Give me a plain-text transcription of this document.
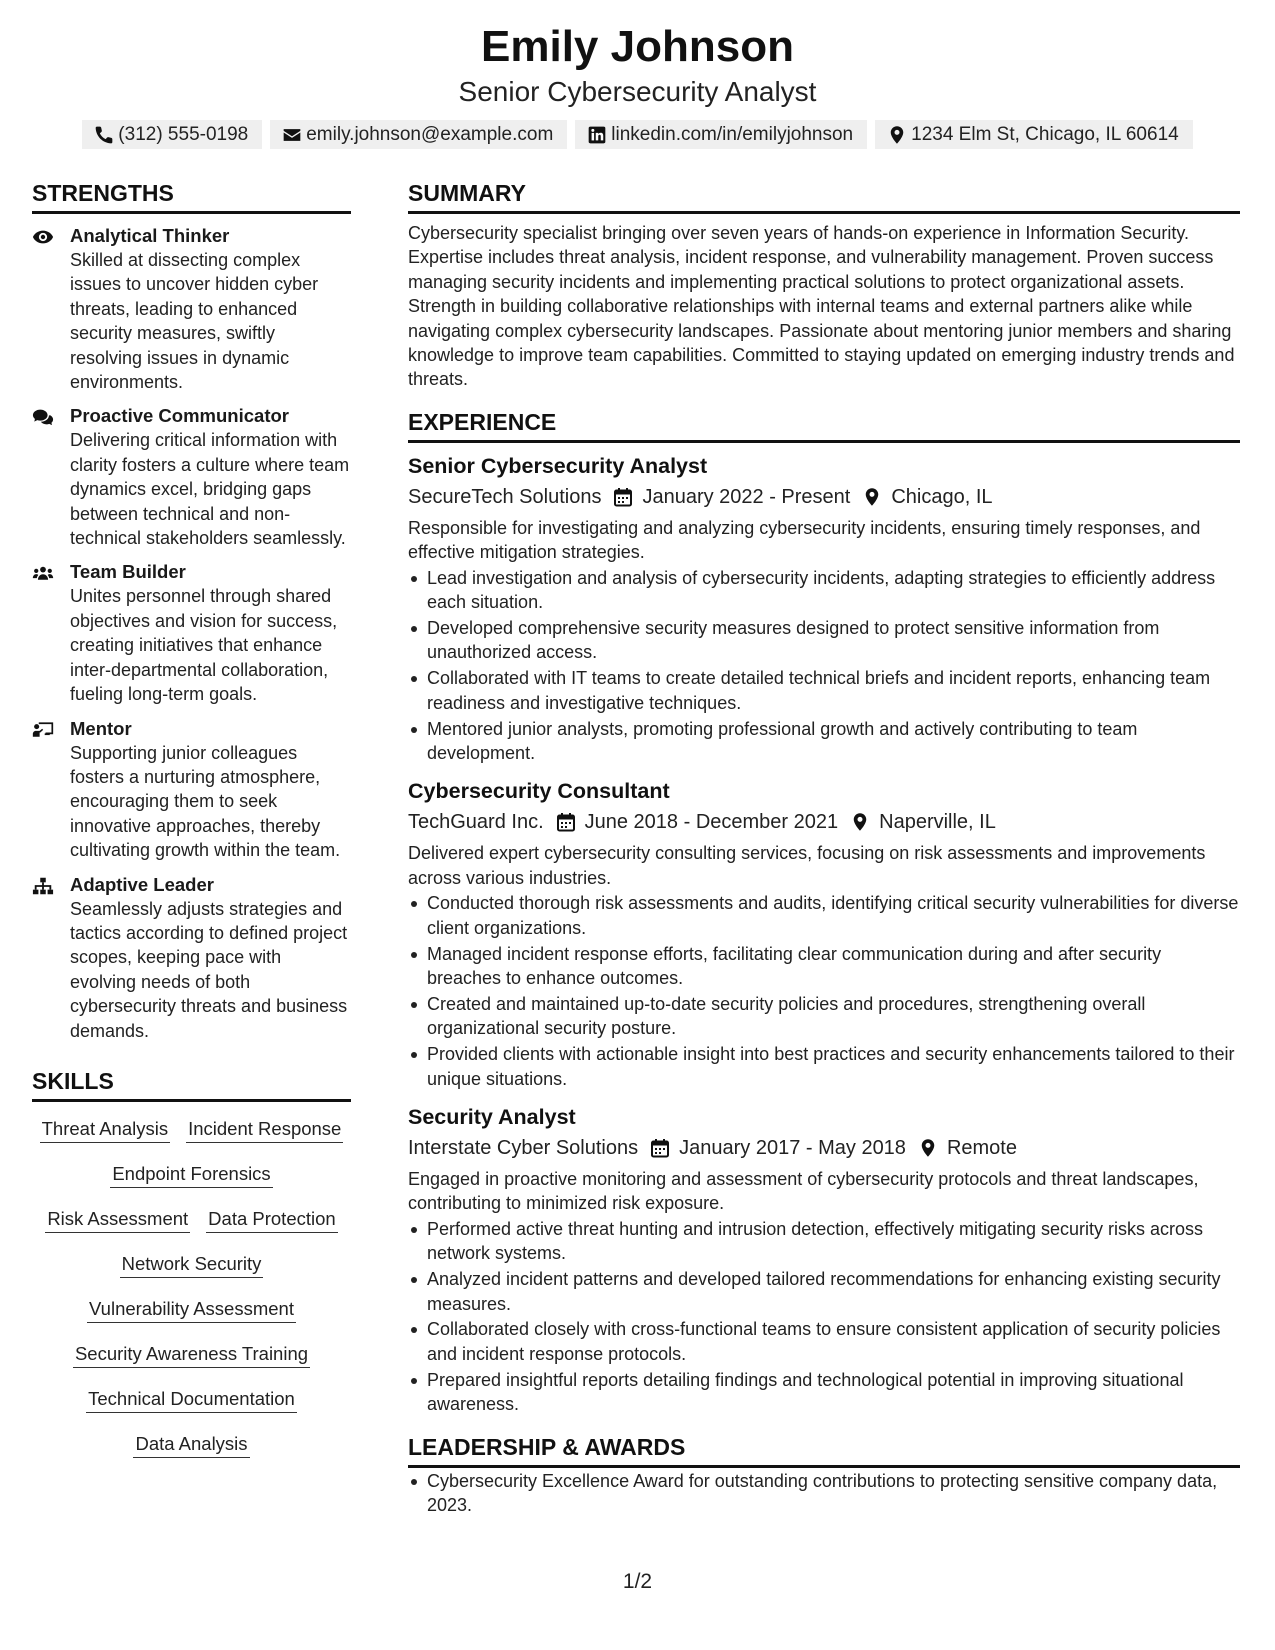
Emily Johnson
Senior Cybersecurity Analyst
(312) 555-0198	emily.johnson@example.com	linkedin.com/in/emilyjohnson	1234 Elm St, Chicago, IL 60614
STRENGTHS
Analytical Thinker
Skilled at dissecting complex issues to uncover hidden cyber threats, leading to enhanced security measures, swiftly resolving issues in dynamic environments.
Proactive Communicator
Delivering critical information with clarity fosters a culture where team dynamics excel, bridging gaps between technical and non-technical stakeholders seamlessly.
Team Builder
Unites personnel through shared objectives and vision for success, creating initiatives that enhance inter-departmental collaboration, fueling long-term goals.
Mentor
Supporting junior colleagues fosters a nurturing atmosphere, encouraging them to seek innovative approaches, thereby cultivating growth within the team.
Adaptive Leader
Seamlessly adjusts strategies and tactics according to defined project scopes, keeping pace with evolving needs of both cybersecurity threats and business demands.
SKILLS
Threat Analysis Incident Response
Endpoint Forensics
Risk Assessment Data Protection
Network Security
Vulnerability Assessment
Security Awareness Training
Technical Documentation
Data Analysis
SUMMARY
Cybersecurity specialist bringing over seven years of hands-on experience in Information Security. Expertise includes threat analysis, incident response, and vulnerability management. Proven success managing security incidents and implementing practical solutions to protect organizational assets. Strength in building collaborative relationships with internal teams and external partners alike while navigating complex cybersecurity landscapes. Passionate about mentoring junior members and sharing knowledge to improve team capabilities. Committed to staying updated on emerging industry trends and threats.
EXPERIENCE
Senior Cybersecurity Analyst
SecureTech Solutions January 2022 - Present Chicago, IL
Responsible for investigating and analyzing cybersecurity incidents, ensuring timely responses, and effective mitigation strategies.
Lead investigation and analysis of cybersecurity incidents, adapting strategies to efficiently address each situation.
Developed comprehensive security measures designed to protect sensitive information from unauthorized access.
Collaborated with IT teams to create detailed technical briefs and incident reports, enhancing team readiness and investigative techniques.
Mentored junior analysts, promoting professional growth and actively contributing to team development.
Cybersecurity Consultant
TechGuard Inc. June 2018 - December 2021 Naperville, IL
Delivered expert cybersecurity consulting services, focusing on risk assessments and improvements across various industries.
Conducted thorough risk assessments and audits, identifying critical security vulnerabilities for diverse client organizations.
Managed incident response efforts, facilitating clear communication during and after security breaches to enhance outcomes.
Created and maintained up-to-date security policies and procedures, strengthening overall organizational security posture.
Provided clients with actionable insight into best practices and security enhancements tailored to their unique situations.
Security Analyst
Interstate Cyber Solutions January 2017 - May 2018 Remote
Engaged in proactive monitoring and assessment of cybersecurity protocols and threat landscapes, contributing to minimized risk exposure.
Performed active threat hunting and intrusion detection, effectively mitigating security risks across network systems.
Analyzed incident patterns and developed tailored recommendations for enhancing existing security measures.
Collaborated closely with cross-functional teams to ensure consistent application of security policies and incident response protocols.
Prepared insightful reports detailing findings and technological potential in improving situational awareness.
LEADERSHIP & AWARDS
Cybersecurity Excellence Award for outstanding contributions to protecting sensitive company data, 2023.
1/2
